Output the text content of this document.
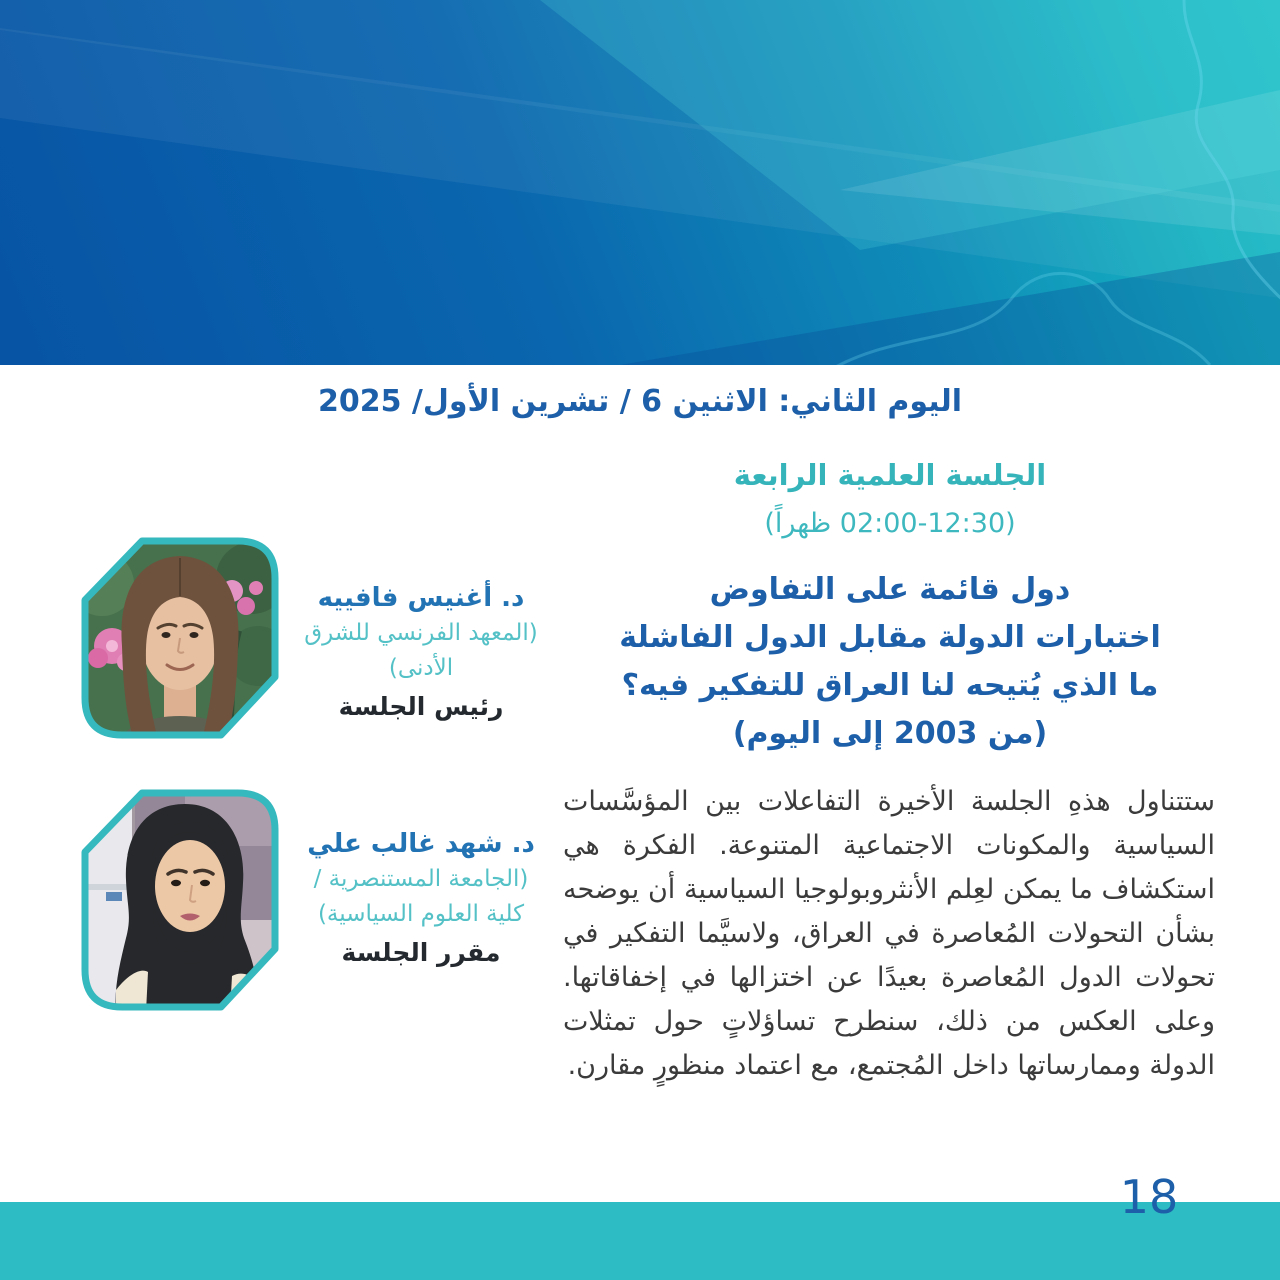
اليوم الثاني: الاثنين 6 / تشرين الأول/ 2025
الجلسة العلمية الرابعة
(02:00-12:30 ظهراً)
دول قائمة على التفاوض
اختبارات الدولة مقابل الدول الفاشلة
ما الذي يُتيحه لنا العراق للتفكير فيه؟
(من 2003 إلى اليوم)
ستتناول هذهِ الجلسة الأخيرة التفاعلات بين المؤسَّسات السياسية والمكونات الاجتماعية المتنوعة. الفكرة هي استكشاف ما يمكن لعِلم الأنثروبولوجيا السياسية أن يوضحه بشأن التحولات المُعاصرة في العراق، ولاسيَّما التفكير في تحولات الدول المُعاصرة بعيدًا عن اختزالها في إخفاقاتها. وعلى العكس من ذلك، سنطرح تساؤلاتٍ حول تمثلات الدولة وممارساتها داخل المُجتمع، مع اعتماد منظورٍ مقارن.
د. أغنيس فافييه
(المعهد الفرنسي للشرق الأدنى)
رئيس الجلسة
د. شهد غالب علي
(الجامعة المستنصرية /
كلية العلوم السياسية)
مقرر الجلسة
18
